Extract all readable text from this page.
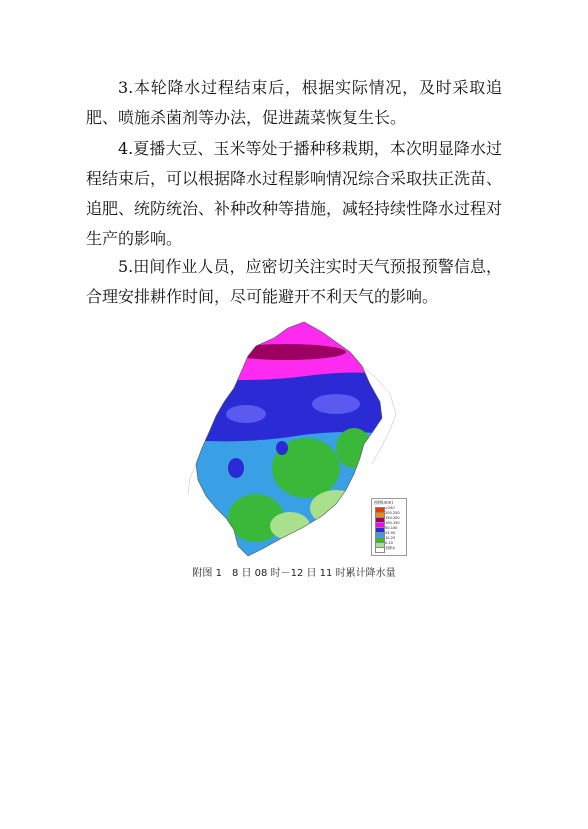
3.本轮降水过程结束后，根据实际情况，及时采取追肥、喷施杀菌剂等办法，促进蔬菜恢复生长。

4.夏播大豆、玉米等处于播种移栽期，本次明显降水过程结束后，可以根据降水过程影响情况综合采取扶正洗苗、追肥、统防统治、补种改种等措施，减轻持续性降水过程对生产的影响。

5.田间作业人员，应密切关注实时天气预报预警信息，合理安排耕作时间，尽可能避开不利天气的影响。

图例(mm)
>250
200-250
150-200
100-150
50-100
25-50
10-25
0-10
无降水
附图 1　8 日 08 时－12 日 11 时累计降水量
